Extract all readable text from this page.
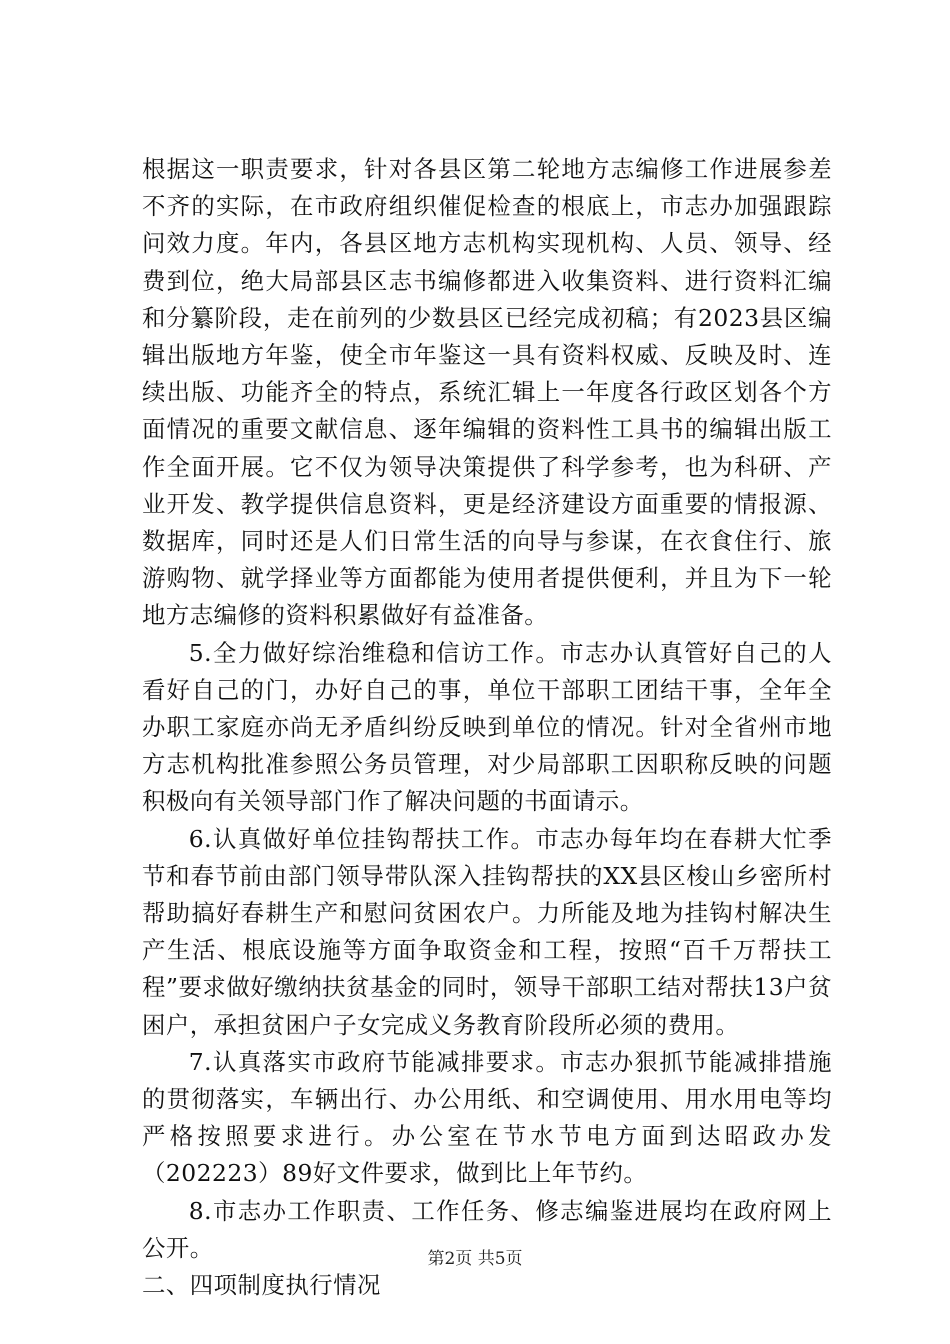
根据这一职责要求，针对各县区第二轮地方志编修工作进展参差不齐的实际，在市政府组织催促检查的根底上，市志办加强跟踪问效力度。年内，各县区地方志机构实现机构、人员、领导、经费到位，绝大局部县区志书编修都进入收集资料、进行资料汇编和分纂阶段，走在前列的少数县区已经完成初稿；有2023县区编辑出版地方年鉴，使全市年鉴这一具有资料权威、反映及时、连续出版、功能齐全的特点，系统汇辑上一年度各行政区划各个方面情况的重要文献信息、逐年编辑的资料性工具书的编辑出版工作全面开展。它不仅为领导决策提供了科学参考，也为科研、产业开发、教学提供信息资料，更是经济建设方面重要的情报源、数据库，同时还是人们日常生活的向导与参谋，在衣食住行、旅游购物、就学择业等方面都能为使用者提供便利，并且为下一轮地方志编修的资料积累做好有益准备。

5.全力做好综治维稳和信访工作。市志办认真管好自己的人看好自己的门，办好自己的事，单位干部职工团结干事，全年全办职工家庭亦尚无矛盾纠纷反映到单位的情况。针对全省州市地方志机构批准参照公务员管理，对少局部职工因职称反映的问题积极向有关领导部门作了解决问题的书面请示。

6.认真做好单位挂钩帮扶工作。市志办每年均在春耕大忙季节和春节前由部门领导带队深入挂钩帮扶的XX县区梭山乡密所村帮助搞好春耕生产和慰问贫困农户。力所能及地为挂钩村解决生产生活、根底设施等方面争取资金和工程，按照“百千万帮扶工程”要求做好缴纳扶贫基金的同时，领导干部职工结对帮扶13户贫困户，承担贫困户子女完成义务教育阶段所必须的费用。

7.认真落实市政府节能减排要求。市志办狠抓节能减排措施的贯彻落实，车辆出行、办公用纸、和空调使用、用水用电等均严格按照要求进行。办公室在节水节电方面到达昭政办发（202223）89好文件要求，做到比上年节约。

8.市志办工作职责、工作任务、修志编鉴进展均在政府网上公开。

二、四项制度执行情况

第2页 共5页
